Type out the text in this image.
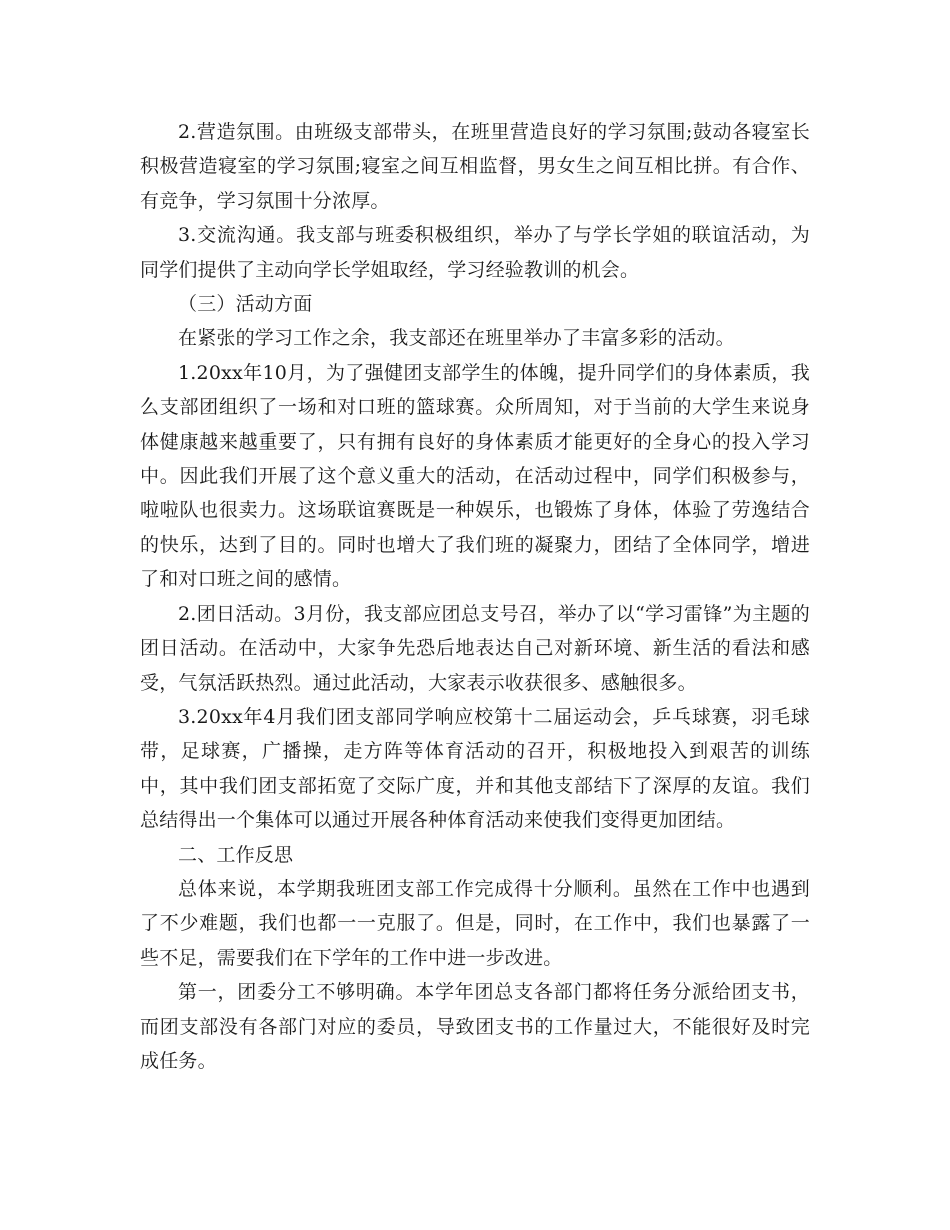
2.营造氛围。由班级支部带头，在班里营造良好的学习氛围;鼓动各寝室长积极营造寝室的学习氛围;寝室之间互相监督，男女生之间互相比拼。有合作、有竞争，学习氛围十分浓厚。

3.交流沟通。我支部与班委积极组织，举办了与学长学姐的联谊活动，为同学们提供了主动向学长学姐取经，学习经验教训的机会。

（三）活动方面

在紧张的学习工作之余，我支部还在班里举办了丰富多彩的活动。

1.20xx年10月，为了强健团支部学生的体魄，提升同学们的身体素质，我么支部团组织了一场和对口班的篮球赛。众所周知，对于当前的大学生来说身体健康越来越重要了，只有拥有良好的身体素质才能更好的全身心的投入学习中。因此我们开展了这个意义重大的活动，在活动过程中，同学们积极参与，啦啦队也很卖力。这场联谊赛既是一种娱乐，也锻炼了身体，体验了劳逸结合的快乐，达到了目的。同时也增大了我们班的凝聚力，团结了全体同学，增进了和对口班之间的感情。

2.团日活动。3月份，我支部应团总支号召，举办了以“学习雷锋”为主题的团日活动。在活动中，大家争先恐后地表达自己对新环境、新生活的看法和感受，气氛活跃热烈。通过此活动，大家表示收获很多、感触很多。

3.20xx年4月我们团支部同学响应校第十二届运动会，乒乓球赛，羽毛球带，足球赛，广播操，走方阵等体育活动的召开，积极地投入到艰苦的训练中，其中我们团支部拓宽了交际广度，并和其他支部结下了深厚的友谊。我们总结得出一个集体可以通过开展各种体育活动来使我们变得更加团结。

二、工作反思

总体来说，本学期我班团支部工作完成得十分顺利。虽然在工作中也遇到了不少难题，我们也都一一克服了。但是，同时，在工作中，我们也暴露了一些不足，需要我们在下学年的工作中进一步改进。

第一，团委分工不够明确。本学年团总支各部门都将任务分派给团支书，而团支部没有各部门对应的委员，导致团支书的工作量过大，不能很好及时完成任务。
